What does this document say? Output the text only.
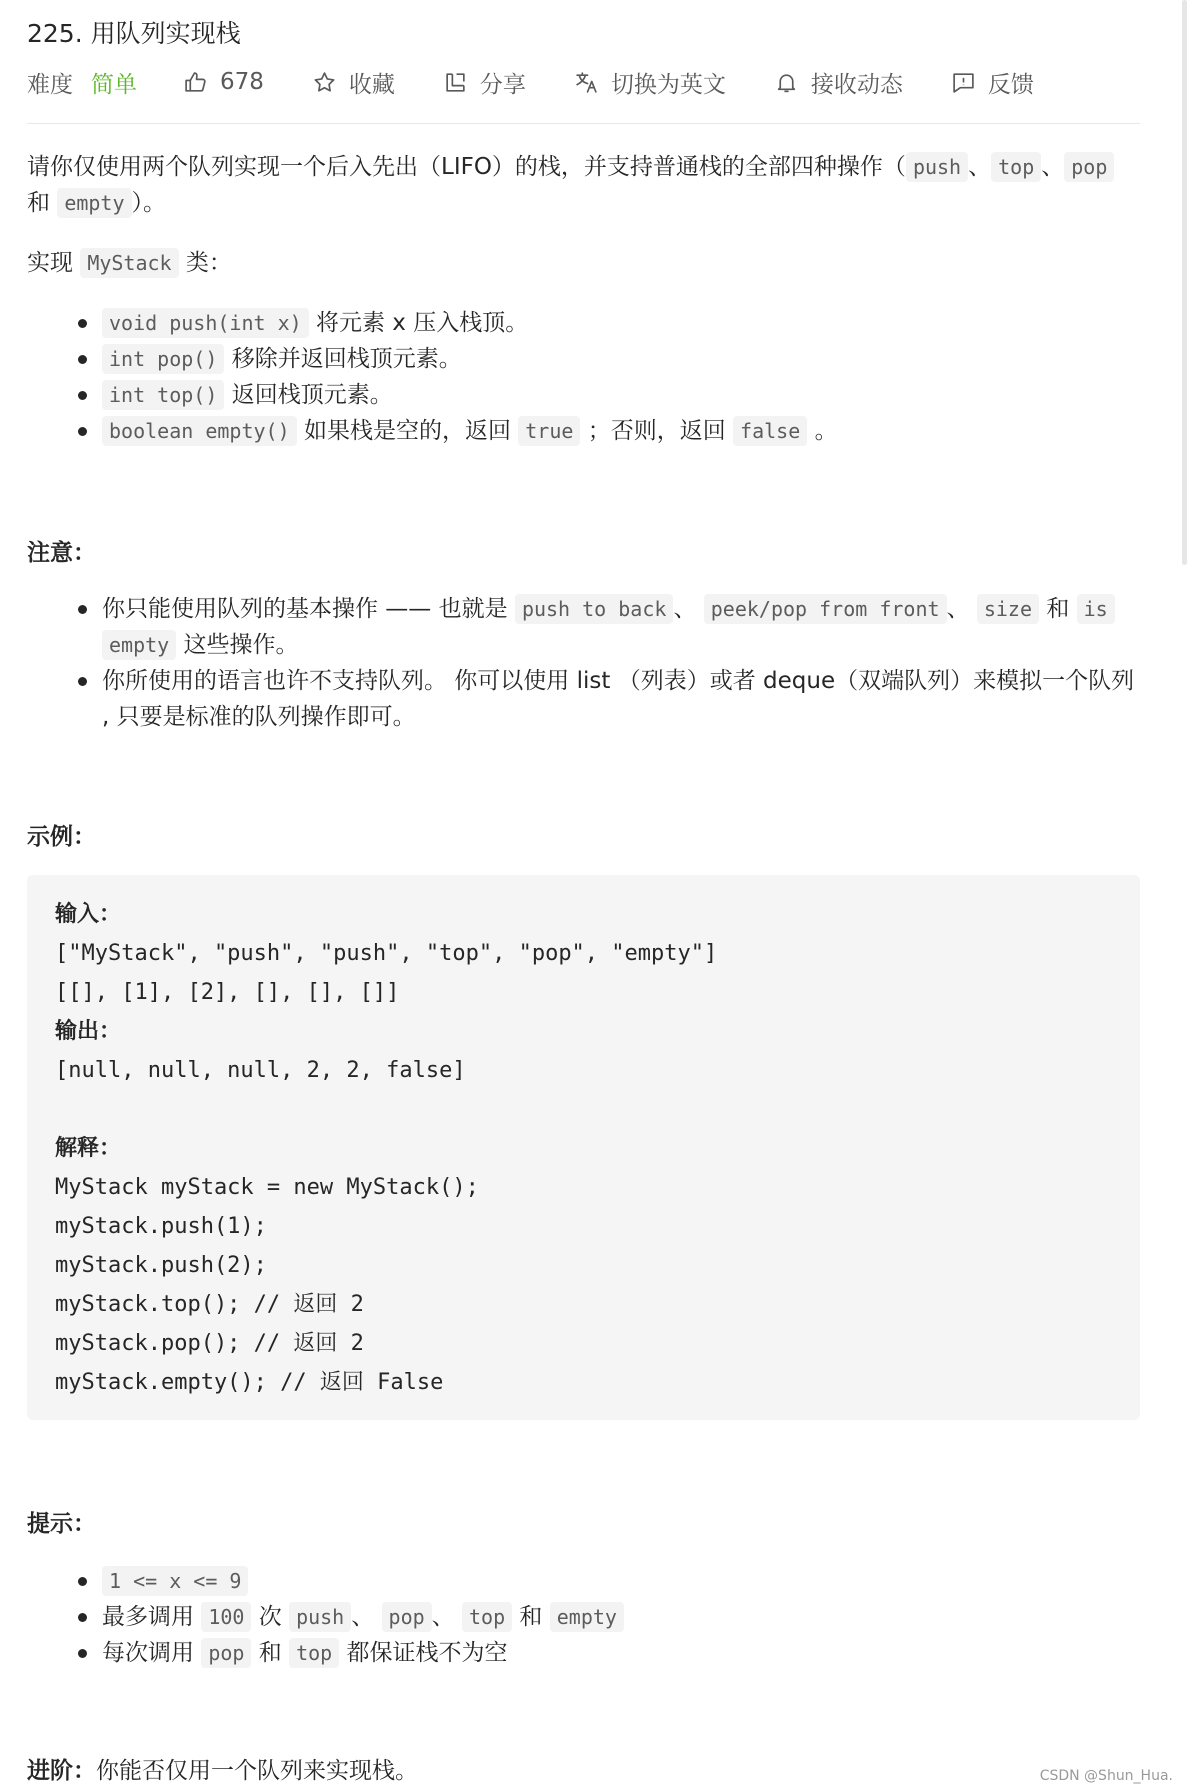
225. 用队列实现栈
难度 简单	678	收藏	分享	切换为英文	接收动态	反馈
请你仅使用两个队列实现一个后入先出（LIFO）的栈，并支持普通栈的全部四种操作（ push 、 top 、 pop 和 empty ）。
实现 MyStack 类：
void push(int x) 将元素 x 压入栈顶。
int pop() 移除并返回栈顶元素。
int top() 返回栈顶元素。
boolean empty() 如果栈是空的，返回 true ；否则，返回 false 。
注意：
你只能使用队列的基本操作 —— 也就是 push to back 、 peek/pop from front 、 size 和 is
empty 这些操作。
你所使用的语言也许不支持队列。 你可以使用 list （列表）或者 deque（双端队列）来模拟一个队列 , 只要是标准的队列操作即可。
示例：
输入：
["MyStack", "push", "push", "top", "pop", "empty"]
[[], [1], [2], [], [], []]
输出：
[null, null, null, 2, 2, false]
解释：
MyStack myStack = new MyStack();
myStack.push(1);
myStack.push(2);
myStack.top(); // 返回 2
myStack.pop(); // 返回 2
myStack.empty(); // 返回 False
提示：
1 <= x <= 9
最多调用 100 次 push 、 pop 、 top 和 empty
每次调用 pop 和 top 都保证栈不为空
进阶：你能否仅用一个队列来实现栈。	CSDN @Shun_Hua.
